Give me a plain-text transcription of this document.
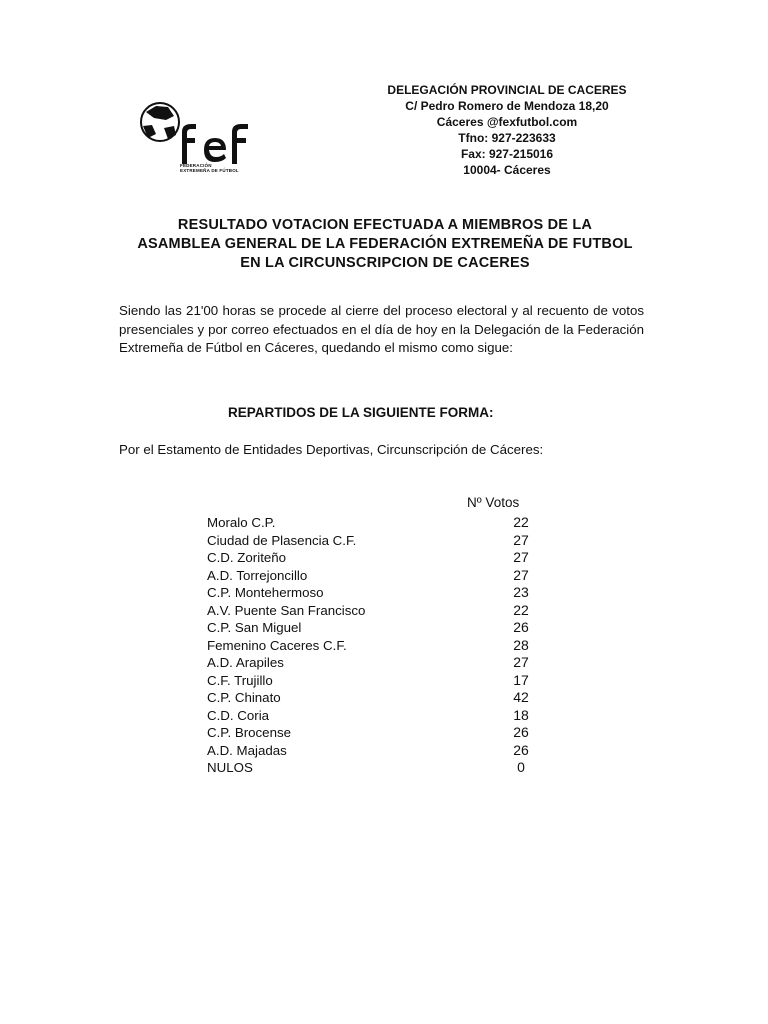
FEDERACIÓN
EXTREMEÑA DE FÚTBOL
DELEGACIÓN PROVINCIAL DE CACERES
C/ Pedro Romero de Mendoza 18,20
Cáceres @fexfutbol.com
Tfno: 927-223633
Fax: 927-215016
10004- Cáceres
RESULTADO VOTACION EFECTUADA A MIEMBROS DE LA
ASAMBLEA GENERAL DE LA FEDERACIÓN EXTREMEÑA DE FUTBOL
EN LA CIRCUNSCRIPCION DE CACERES
Siendo las 21'00 horas se procede al cierre del proceso electoral y al recuento de votos presenciales y por correo efectuados en el día de hoy en la Delegación de la Federación Extremeña de Fútbol en Cáceres, quedando el mismo como sigue:
REPARTIDOS DE LA SIGUIENTE FORMA:
Por el Estamento de Entidades Deportivas, Circunscripción de Cáceres:
Nº Votos
Moralo C.P.	22
Ciudad de Plasencia C.F.	27
C.D. Zoriteño	27
A.D. Torrejoncillo	27
C.P. Montehermoso	23
A.V. Puente San Francisco	22
C.P. San Miguel	26
Femenino Caceres C.F.	28
A.D. Arapiles	27
C.F. Trujillo	17
C.P. Chinato	42
C.D. Coria	18
C.P. Brocense	26
A.D. Majadas	26
NULOS	0
